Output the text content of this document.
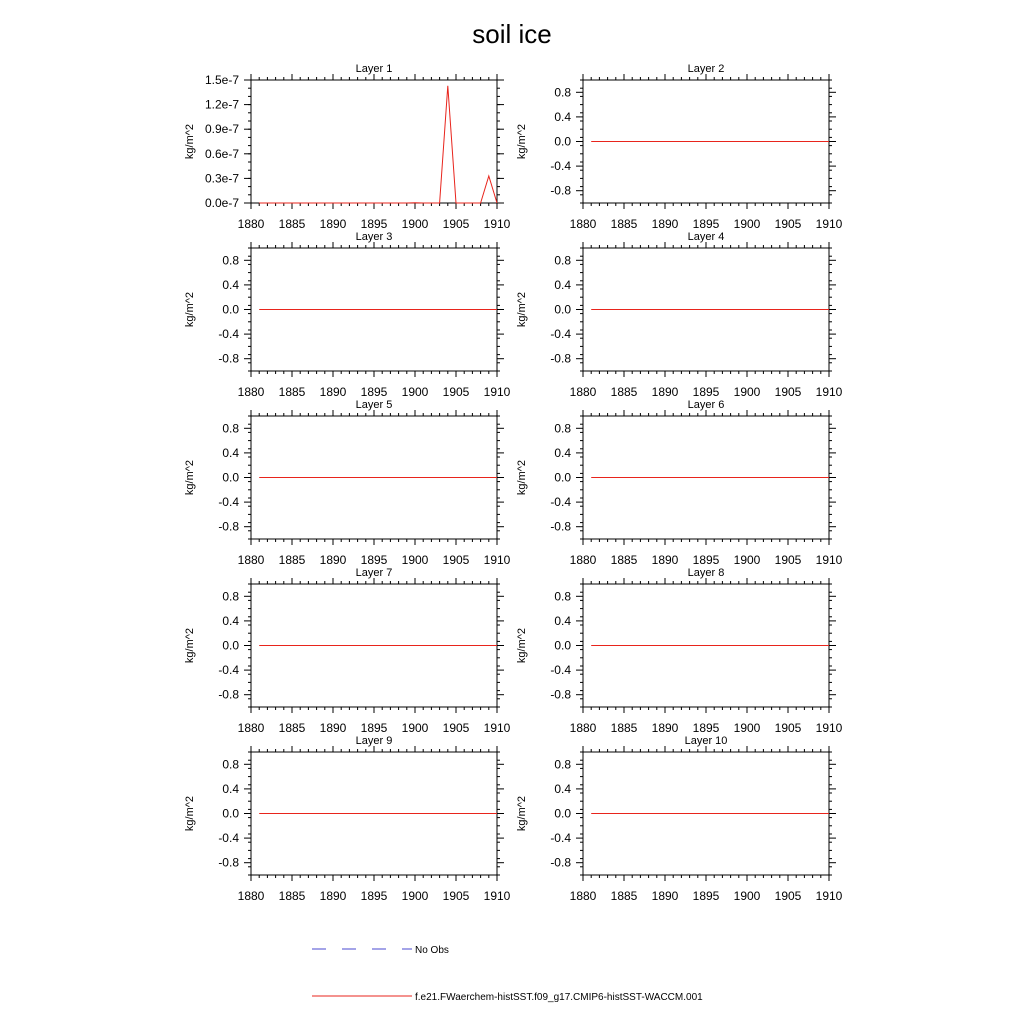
soil ice
Layer 1
kg/m^2
1880 1885 1890 1895 1900 1905 1910
0.0e-7
0.3e-7
0.6e-7
0.9e-7
1.2e-7
1.5e-7
Layer 2
kg/m^2
1880 1885 1890 1895 1900 1905 1910
-0.8
-0.4
0.0
0.4
0.8
Layer 3
kg/m^2
1880 1885 1890 1895 1900 1905 1910
-0.8
-0.4
0.0
0.4
0.8
Layer 4
kg/m^2
1880 1885 1890 1895 1900 1905 1910
-0.8
-0.4
0.0
0.4
0.8
Layer 5
kg/m^2
1880 1885 1890 1895 1900 1905 1910
-0.8
-0.4
0.0
0.4
0.8
Layer 6
kg/m^2
1880 1885 1890 1895 1900 1905 1910
-0.8
-0.4
0.0
0.4
0.8
Layer 7
kg/m^2
1880 1885 1890 1895 1900 1905 1910
-0.8
-0.4
0.0
0.4
0.8
Layer 8
kg/m^2
1880 1885 1890 1895 1900 1905 1910
-0.8
-0.4
0.0
0.4
0.8
Layer 9
kg/m^2
1880 1885 1890 1895 1900 1905 1910
-0.8
-0.4
0.0
0.4
0.8
Layer 10
kg/m^2
1880 1885 1890 1895 1900 1905 1910
-0.8
-0.4
0.0
0.4
0.8
No Obs
f.e21.FWaerchem-histSST.f09_g17.CMIP6-histSST-WACCM.001
